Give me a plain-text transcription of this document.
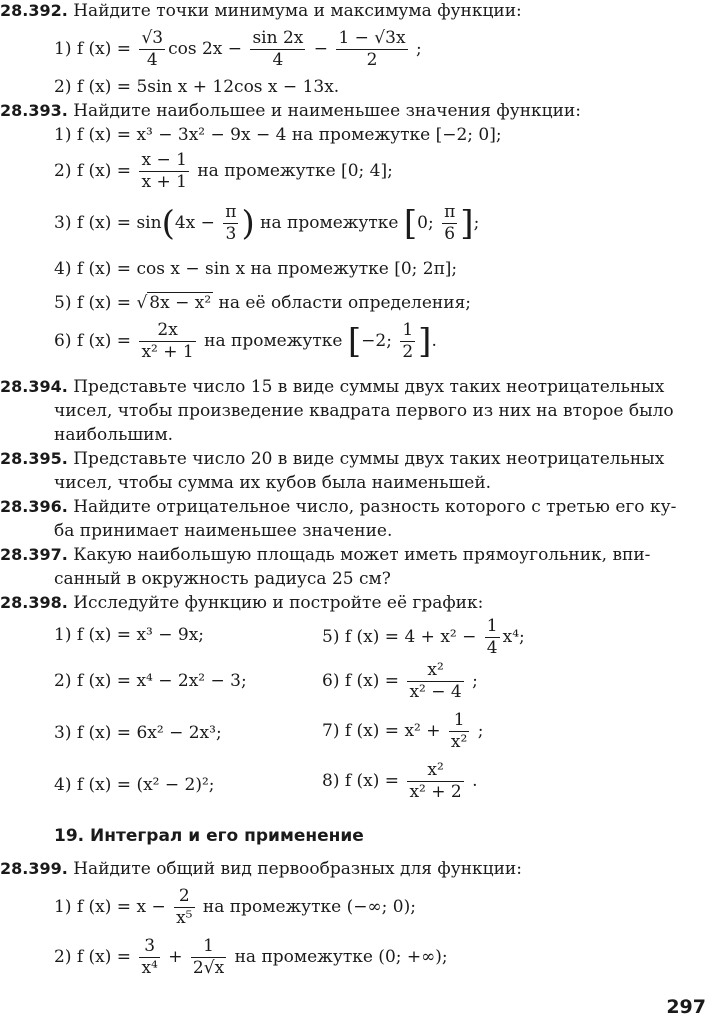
28.392. Найдите точки минимума и максимума функции:
1) f $(x) = \frac{√3}{4}$ $\cos 2x - \frac{\sin 2x}{4} - \frac{1 - √3x}{2}$ ;
2) f (x) = 5sin x + 12cos x − 13x.
28.393. Найдите наибольшее и наименьшее значения функции:
1) f (x) = x³ − 3x² − 9x − 4 на промежутке [−2; 0];
2) f $(x) = \frac{x - 1}{x + 1}$ на промежутке [0; 4];
3) f $(x) = \sin(4x - \frac{\pi}{3}$ ) на промежутке [0; $\frac{\pi}{6}$ ];
4) f (x) = cos x − sin x на промежутке [0; 2π];
5) f (x) = √ 8x − x² на её области определения;
6) f $(x) = \frac{2x}{\text{x² + 1}}$ на промежутке [−2; $\frac{1}{2}$ ].
28.394. Представьте число 15 в виде суммы двух таких неотрицательных
чисел, чтобы произведение квадрата первого из них на второе было
наибольшим.
28.395. Представьте число 20 в виде суммы двух таких неотрицательных
чисел, чтобы сумма их кубов была наименьшей.
28.396. Найдите отрицательное число, разность которого с третью его ку-
ба принимает наименьшее значение.
28.397. Какую наибольшую площадь может иметь прямоугольник, впи-
санный в окружность радиуса 25 см?
28.398. Исследуйте функцию и постройте её график:
1) f (x) = x³ − 9x;	5) f $(x) = 4 + x^2 - \frac{1}{4} x^4$;
2) f (x) = x⁴ − 2x² − 3;	6) f $(x) = \frac{\text{x²}}{\text{x² − 4}}$ ;
3) f (x) = 6x² − 2x³;	7) f $(x) = x^2 + \frac{1}{\text{x²}}$ ;
4) f (x) = (x² − 2)²;	8) f $(x) = \frac{\text{x²}}{\text{x² + 2}}$ .
19. Интеграл и его применение
28.399. Найдите общий вид первообразных для функции:
1) f $(x) = x - \frac{2}{\text{x⁵}}$ на промежутке (−∞; 0);
2) f $(x) = \frac{3}{\text{x⁴}} + \frac{1}{2√x}$ на промежутке (0; +∞);
297
